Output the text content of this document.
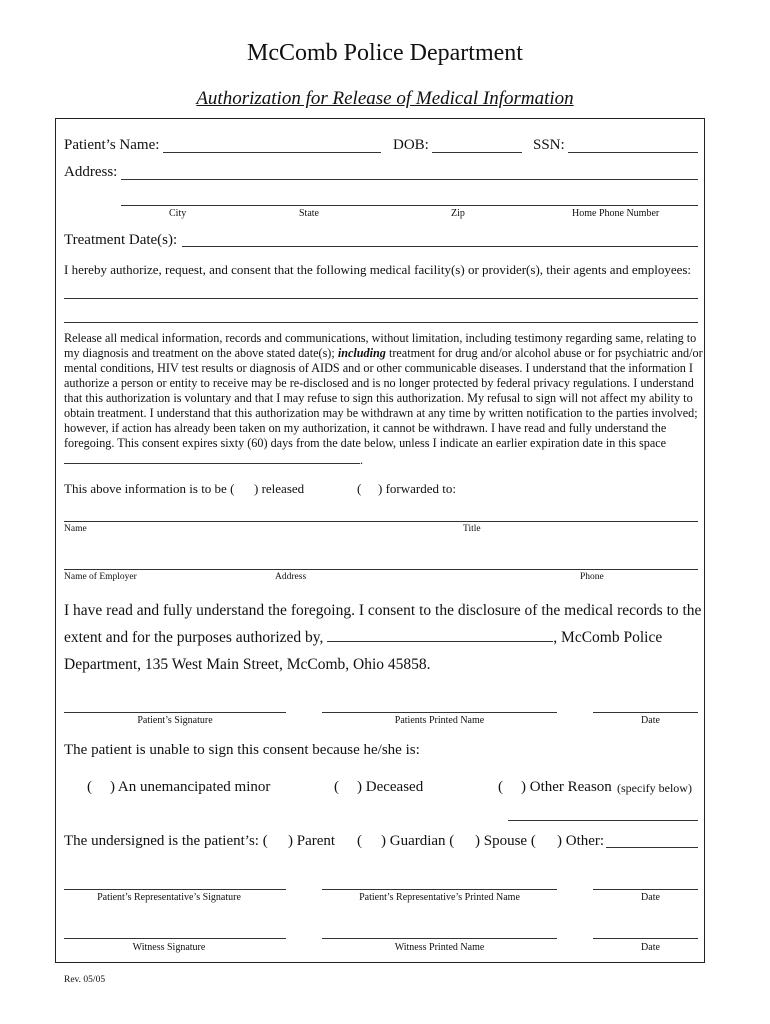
McComb Police Department
Authorization for Release of Medical Information
Patient’s Name:	DOB:	SSN:
Address:
City	State	Zip	Home Phone Number
Treatment Date(s):
I hereby authorize, request, and consent that the following medical facility(s) or provider(s), their agents and employees:
Release all medical information, records and communications, without limitation, including testimony regarding same, relating to my diagnosis and treatment on the above stated date(s); including treatment for drug and/or alcohol abuse or for psychiatric and/or mental conditions, HIV test results or diagnosis of AIDS and or other communicable diseases. I understand that the information I authorize a person or entity to receive may be re-disclosed and is no longer protected by federal privacy regulations. I understand that this authorization is voluntary and that I may refuse to sign this authorization. My refusal to sign will not affect my ability to obtain treatment. I understand that this authorization may be withdrawn at any time by written notification to the parties involved; however, if action has already been taken on my authorization, it cannot be withdrawn. I have read and fully understand the foregoing. This consent expires sixty (60) days from the date below, unless I indicate an earlier expiration date in this space .
This above information is to be ( ) released	( ) forwarded to:
Name	Title
Name of Employer	Address	Phone
I have read and fully understand the foregoing. I consent to the disclosure of the medical records to the
extent and for the purposes authorized by,	, McComb Police
Department, 135 West Main Street, McComb, Ohio 45858.
Patient’s Signature	Patients Printed Name	Date
The patient is unable to sign this consent because he/she is:
( ) An unemancipated minor	( ) Deceased	( ) Other Reason (specify below)
The undersigned is the patient’s: ( ) Parent ( ) Guardian ( ) Spouse ( ) Other:
Patient’s Representative’s Signature	Patient’s Representative’s Printed Name	Date
Witness Signature	Witness Printed Name	Date
Rev. 05/05
